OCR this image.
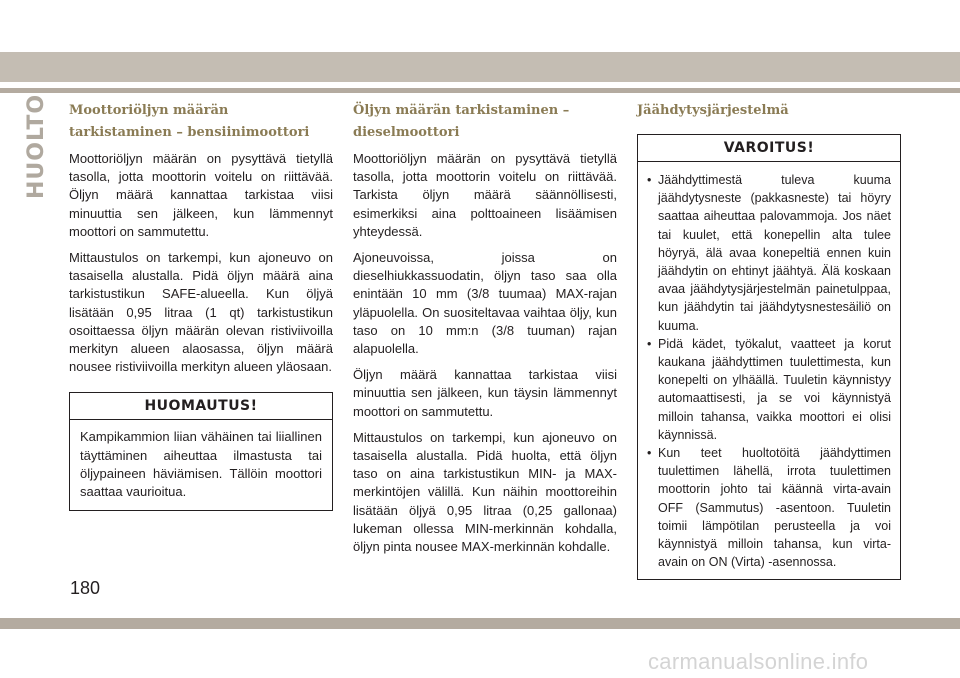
HUOLTO Moottoriöljyn määrän tarkistaminen – bensiinimoottori

Moottoriöljyn määrän on pysyttävä tietyllä tasolla, jotta moottorin voitelu on riittävää. Öljyn määrä kannattaa tarkistaa viisi minuuttia sen jälkeen, kun lämmennyt moottori on sammutettu.

Mittaustulos on tarkempi, kun ajoneuvo on tasaisella alustalla. Pidä öljyn määrä aina tarkistustikun SAFE-alueella. Kun öljyä lisätään 0,95 litraa (1 qt) tarkistustikun osoittaessa öljyn määrän olevan ristiviivoilla merkityn alueen alaosassa, öljyn määrä nousee ristiviivoilla merkityn alueen yläosaan.

HUOMAUTUS!
Kampikammion liian vähäinen tai liiallinen täyttäminen aiheuttaa ilmastusta tai öljypaineen häviämisen. Tällöin moottori saattaa vaurioitua.
Öljyn määrän tarkistaminen – dieselmoottori

Moottoriöljyn määrän on pysyttävä tietyllä tasolla, jotta moottorin voitelu on riittävää. Tarkista öljyn määrä säännöllisesti, esimerkiksi aina polttoaineen lisäämisen yhteydessä.

Ajoneuvoissa, joissa on dieselhiukkassuodatin, öljyn taso saa olla enintään 10 mm (3/8 tuumaa) MAX-rajan yläpuolella. On suositeltavaa vaihtaa öljy, kun taso on 10 mm:n (3/8 tuuman) rajan alapuolella.

Öljyn määrä kannattaa tarkistaa viisi minuuttia sen jälkeen, kun täysin lämmennyt moottori on sammutettu.

Mittaustulos on tarkempi, kun ajoneuvo on tasaisella alustalla. Pidä huolta, että öljyn taso on aina tarkistustikun MIN- ja MAX-merkintöjen välillä. Kun näihin moottoreihin lisätään öljyä 0,95 litraa (0,25 gallonaa) lukeman ollessa MIN-merkinnän kohdalla, öljyn pinta nousee MAX-merkinnän kohdalle.

Jäähdytysjärjestelmä
VAROITUS!
• Jäähdyttimestä tuleva kuuma jäähdytysneste (pakkasneste) tai höyry saattaa aiheuttaa palovammoja. Jos näet tai kuulet, että konepellin alta tulee höyryä, älä avaa konepeltiä ennen kuin jäähdytin on ehtinyt jäähtyä. Älä koskaan avaa jäähdytysjärjestelmän painetulppaa, kun jäähdytin tai jäähdytysnestesäiliö on kuuma.
• Pidä kädet, työkalut, vaatteet ja korut kaukana jäähdyttimen tuulettimesta, kun konepelti on ylhäällä. Tuuletin käynnistyy automaattisesti, ja se voi käynnistyä milloin tahansa, vaikka moottori ei olisi käynnissä.
• Kun teet huoltotöitä jäähdyttimen tuulettimen lähellä, irrota tuulettimen moottorin johto tai käännä virta-avain OFF (Sammutus) -asentoon. Tuuletin toimii lämpötilan perusteella ja voi käynnistyä milloin tahansa, kun virta-avain on ON (Virta) -asennossa.
180
carmanualsonline.info
